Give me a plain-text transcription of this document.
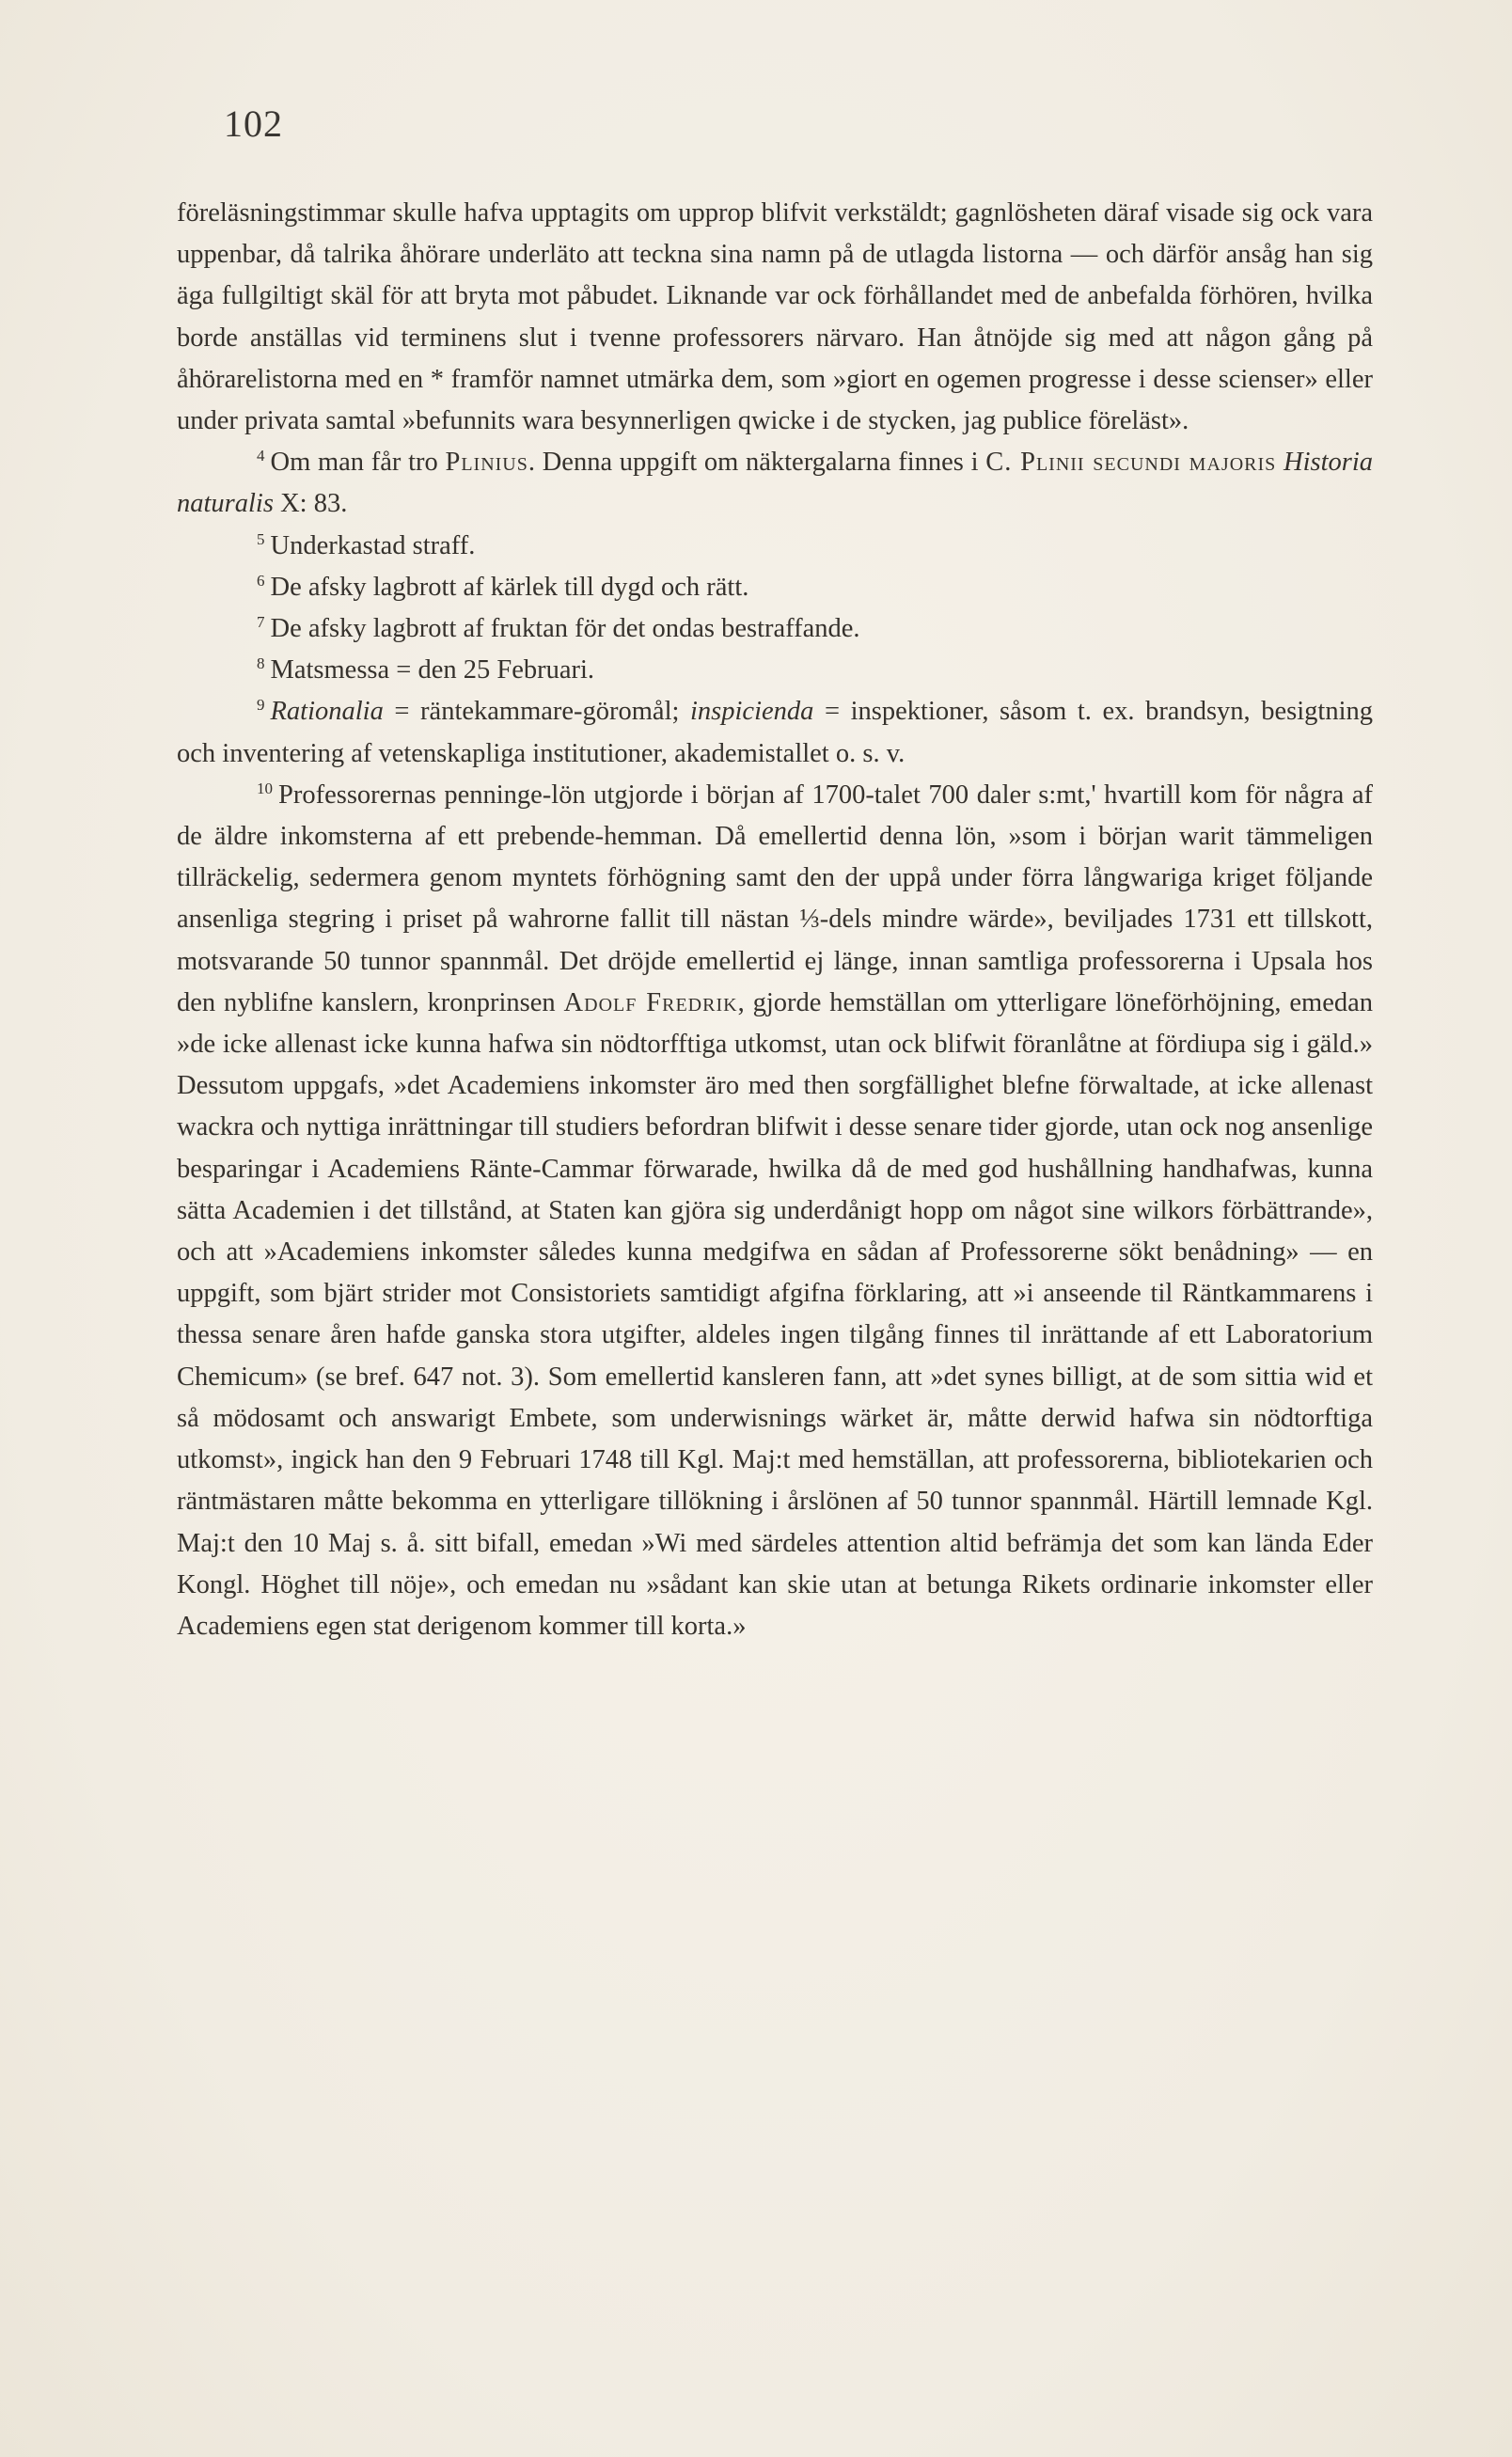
102

föreläsningstimmar skulle hafva upptagits om upprop blifvit verkstäldt; gagnlösheten däraf visade sig ock vara uppenbar, då talrika åhörare underläto att teckna sina namn på de utlagda listorna — och därför ansåg han sig äga fullgiltigt skäl för att bryta mot påbudet. Liknande var ock förhållandet med de anbefalda förhören, hvilka borde anställas vid terminens slut i tvenne professorers närvaro. Han åtnöjde sig med att någon gång på åhörarelistorna med en * framför namnet utmärka dem, som »giort en ogemen progresse i desse scienser» eller under privata samtal »befunnits wara besynnerligen qwicke i de stycken, jag publice föreläst».

$^4$ Om man får tro Plinius. Denna uppgift om näktergalarna finnes i C. Plinii secundi majoris Historia naturalis X: 83.

$^5$ Underkastad straff.

$^6$ De afsky lagbrott af kärlek till dygd och rätt.

$^7$ De afsky lagbrott af fruktan för det ondas bestraffande.

$^8$ Matsmessa = den 25 Februari.

$^9$ Rationalia = räntekammare-göromål; inspicienda = inspektioner, såsom t. ex. brandsyn, besigtning och inventering af vetenskapliga institutioner, akademistallet o. s. v.

$^{10}$ Professorernas penninge-lön utgjorde i början af 1700-talet 700 daler s:mt,' hvartill kom för några af de äldre inkomsterna af ett prebende-hemman. Då emellertid denna lön, »som i början warit tämmeligen tillräckelig, sedermera genom myntets förhögning samt den der uppå under förra långwariga kriget följande ansenliga stegring i priset på wahrorne fallit till nästan ⅓-dels mindre wärde», beviljades 1731 ett tillskott, motsvarande 50 tunnor spannmål. Det dröjde emellertid ej länge, innan samtliga professorerna i Upsala hos den nyblifne kanslern, kronprinsen Adolf Fredrik, gjorde hemställan om ytterligare löneförhöjning, emedan »de icke allenast icke kunna hafwa sin nödtorfftiga utkomst, utan ock blifwit föranlåtne at fördiupa sig i gäld.» Dessutom uppgafs, »det Academiens inkomster äro med then sorgfällighet blefne förwaltade, at icke allenast wackra och nyttiga inrättningar till studiers befordran blifwit i desse senare tider gjorde, utan ock nog ansenlige besparingar i Academiens Ränte-Cammar förwarade, hwilka då de med god hushållning handhafwas, kunna sätta Academien i det tillstånd, at Staten kan gjöra sig underdånigt hopp om något sine wilkors förbättrande», och att »Academiens inkomster således kunna medgifwa en sådan af Professorerne sökt benådning» — en uppgift, som bjärt strider mot Consistoriets samtidigt afgifna förklaring, att »i anseende til Räntkammarens i thessa senare åren hafde ganska stora utgifter, aldeles ingen tilgång finnes til inrättande af ett Laboratorium Chemicum» (se bref. 647 not. 3). Som emellertid kansleren fann, att »det synes billigt, at de som sittia wid et så mödosamt och answarigt Embete, som underwisnings wärket är, måtte derwid hafwa sin nödtorftiga utkomst», ingick han den 9 Februari 1748 till Kgl. Maj:t med hemställan, att professorerna, bibliotekarien och räntmästaren måtte bekomma en ytterligare tillökning i årslönen af 50 tunnor spannmål. Härtill lemnade Kgl. Maj:t den 10 Maj s. å. sitt bifall, emedan »Wi med särdeles attention altid befrämja det som kan lända Eder Kongl. Höghet till nöje», och emedan nu »sådant kan skie utan at betunga Rikets ordinarie inkomster eller Academiens egen stat derigenom kommer till korta.»
